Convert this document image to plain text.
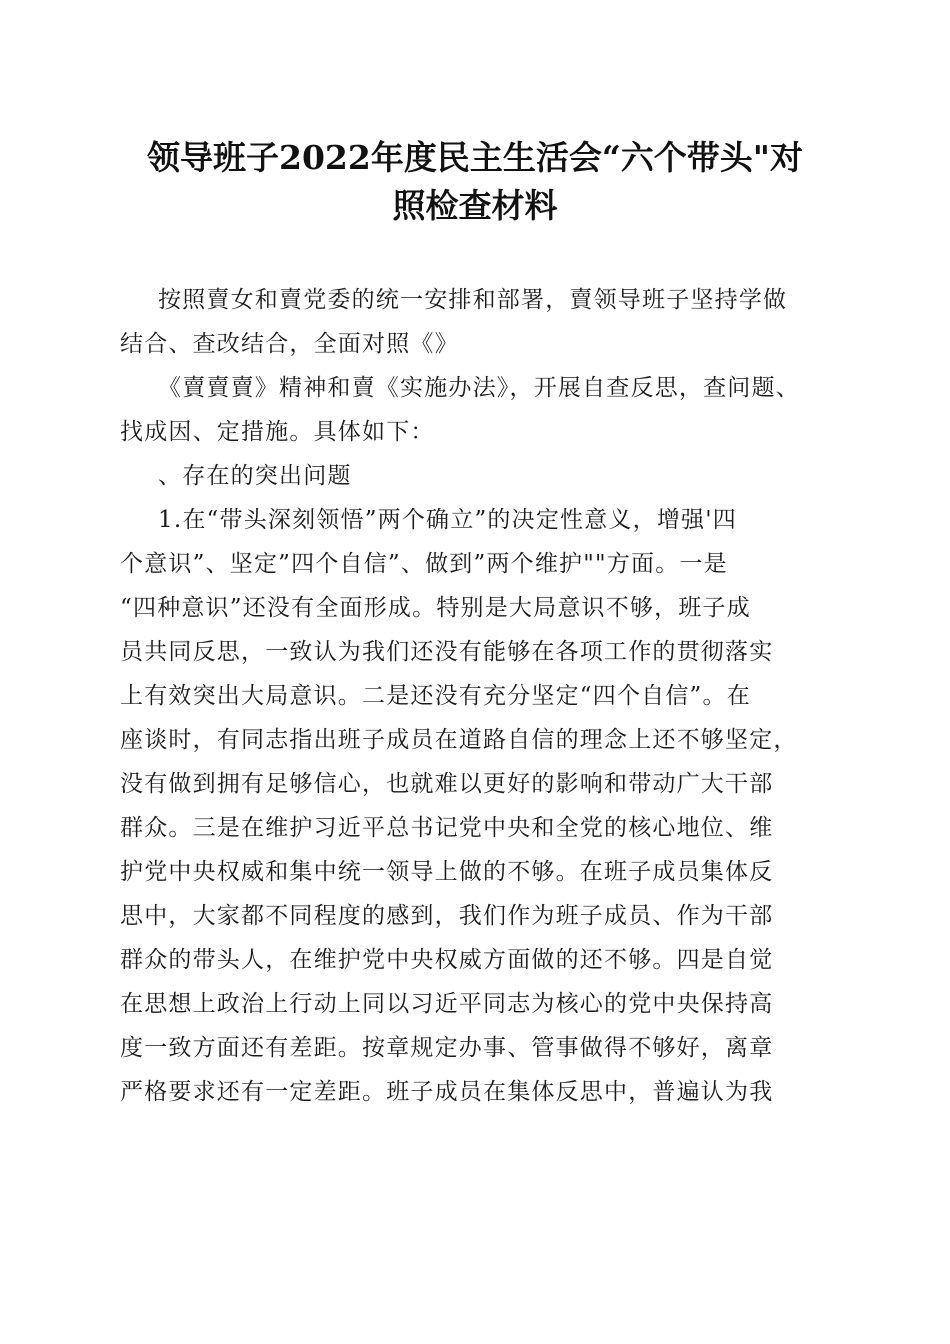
领导班子2022年度民主生活会“六个带头"对
照检查材料
按照賣女和賣党委的统一安排和部署，賣领导班子坚持学做
结合、查改结合，全面对照《》
《賣賣賣》精神和賣《实施办法》，开展自查反思，查问题、
找成因、定措施。具体如下：
、存在的突出问题
1.在“带头深刻领悟”两个确立”的决定性意义，增强'四
个意识”、坚定”四个自信”、做到”两个维护""方面。一是
“四种意识”还没有全面形成。特别是大局意识不够，班子成
员共同反思，一致认为我们还没有能够在各项工作的贯彻落实
上有效突出大局意识。二是还没有充分坚定“四个自信”。在
座谈时，有同志指出班子成员在道路自信的理念上还不够坚定，
没有做到拥有足够信心，也就难以更好的影响和带动广大干部
群众。三是在维护习近平总书记党中央和全党的核心地位、维
护党中央权威和集中统一领导上做的不够。在班子成员集体反
思中，大家都不同程度的感到，我们作为班子成员、作为干部
群众的带头人，在维护党中央权威方面做的还不够。四是自觉
在思想上政治上行动上同以习近平同志为核心的党中央保持高
度一致方面还有差距。按章规定办事、管事做得不够好，离章
严格要求还有一定差距。班子成员在集体反思中，普遍认为我
